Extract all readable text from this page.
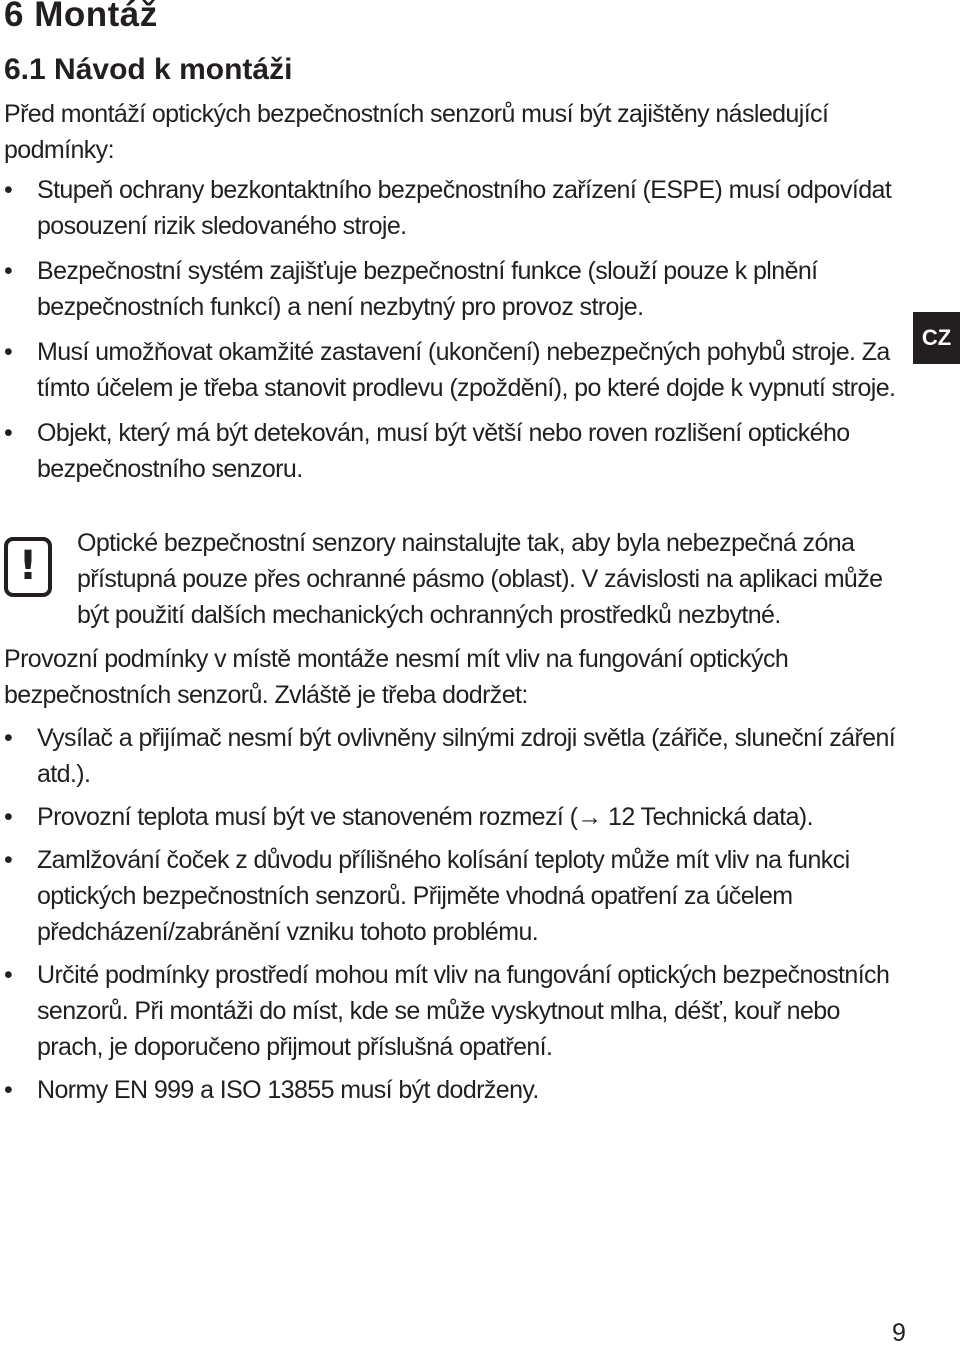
6 Montáž
6.1 Návod k montáži

Před montáží optických bezpečnostních senzorů musí být zajištěny následující podmínky:

• Stupeň ochrany bezkontaktního bezpečnostního zařízení (ESPE) musí odpovídat posouzení rizik sledovaného stroje.
• Bezpečnostní systém zajišťuje bezpečnostní funkce (slouží pouze k plnění bezpečnostních funkcí) a není nezbytný pro provoz stroje.
• Musí umožňovat okamžité zastavení (ukončení) nebezpečných pohybů stroje. Za tímto účelem je třeba stanovit prodlevu (zpoždění), po které dojde k vypnutí stroje.
• Objekt, který má být detekován, musí být větší nebo roven rozlišení optického bezpečnostního senzoru.
!	Optické bezpečnostní senzory nainstalujte tak, aby byla nebezpečná zóna přístupná pouze přes ochranné pásmo (oblast). V závislosti na aplikaci může být použití dalších mechanických ochranných prostředků nezbytné.

Provozní podmínky v místě montáže nesmí mít vliv na fungování optických bezpečnostních senzorů. Zvláště je třeba dodržet:

• Vysílač a přijímač nesmí být ovlivněny silnými zdroji světla (zářiče, sluneční záření atd.).
• Provozní teplota musí být ve stanoveném rozmezí (→ 12 Technická data).
• Zamlžování čoček z důvodu přílišného kolísání teploty může mít vliv na funkci optických bezpečnostních senzorů. Přijměte vhodná opatření za účelem předcházení/zabránění vzniku tohoto problému.
• Určité podmínky prostředí mohou mít vliv na fungování optických bezpečnostních senzorů. Při montáži do míst, kde se může vyskytnout mlha, déšť, kouř nebo prach, je doporučeno přijmout příslušná opatření.
• Normy EN 999 a ISO 13855 musí být dodrženy.
CZ
9
